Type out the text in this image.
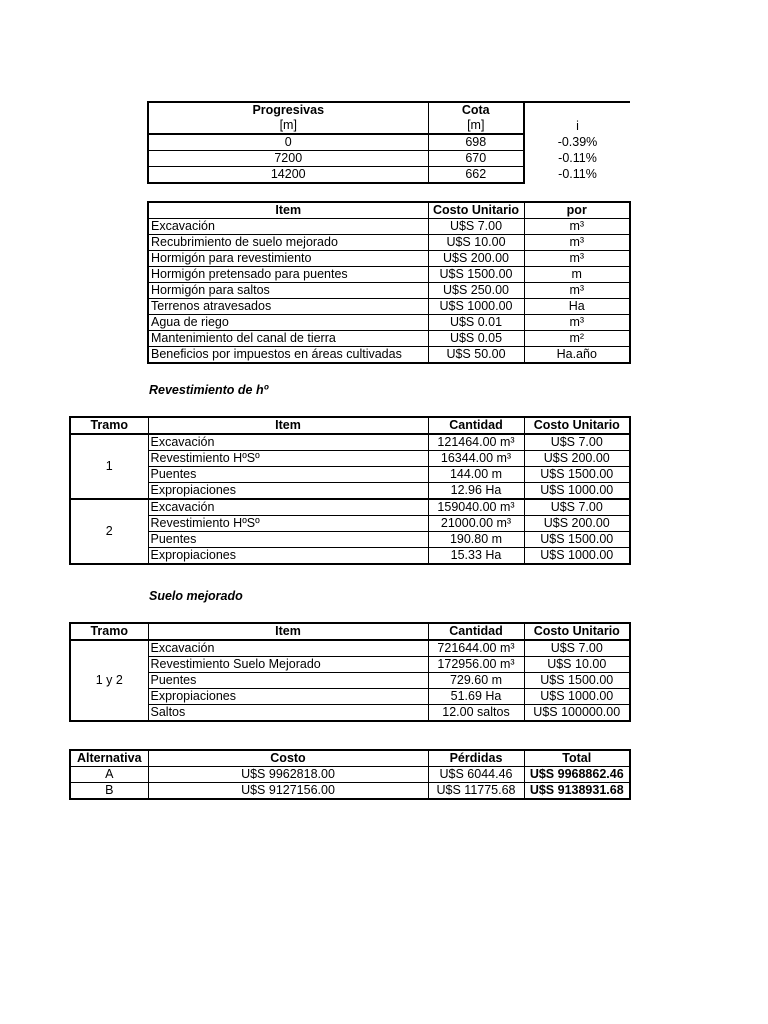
Progresivas	Cota	
[m]	[m]	i
0	698	-0.39%
7200	670	-0.11%
14200	662	-0.11%
Item	Costo Unitario	por
Excavación	U$S 7.00	m³
Recubrimiento de suelo mejorado	U$S 10.00	m³
Hormigón para revestimiento	U$S 200.00	m³
Hormigón pretensado para puentes	U$S 1500.00	m
Hormigón para saltos	U$S 250.00	m³
Terrenos atravesados	U$S 1000.00	Ha
Agua de riego	U$S 0.01	m³
Mantenimiento del canal de tierra	U$S 0.05	m²
Beneficios por impuestos en áreas cultivadas	U$S 50.00	Ha.año
Revestimiento de hº
Tramo	Item	Cantidad	Costo Unitario
1	Excavación	121464.00 m³	U$S 7.00
	Revestimiento HºSº	16344.00 m³	U$S 200.00
	Puentes	144.00 m	U$S 1500.00
	Expropiaciones	12.96 Ha	U$S 1000.00
2	Excavación	159040.00 m³	U$S 7.00
	Revestimiento HºSº	21000.00 m³	U$S 200.00
	Puentes	190.80 m	U$S 1500.00
	Expropiaciones	15.33 Ha	U$S 1000.00
Suelo mejorado
Tramo	Item	Cantidad	Costo Unitario
1 y 2	Excavación	721644.00 m³	U$S 7.00
	Revestimiento Suelo Mejorado	172956.00 m³	U$S 10.00
	Puentes	729.60 m	U$S 1500.00
	Expropiaciones	51.69 Ha	U$S 1000.00
	Saltos	12.00 saltos	U$S 100000.00
Alternativa	Costo	Pérdidas	Total
A	U$S 9962818.00	U$S 6044.46	U$S 9968862.46
B	U$S 9127156.00	U$S 11775.68	U$S 9138931.68
